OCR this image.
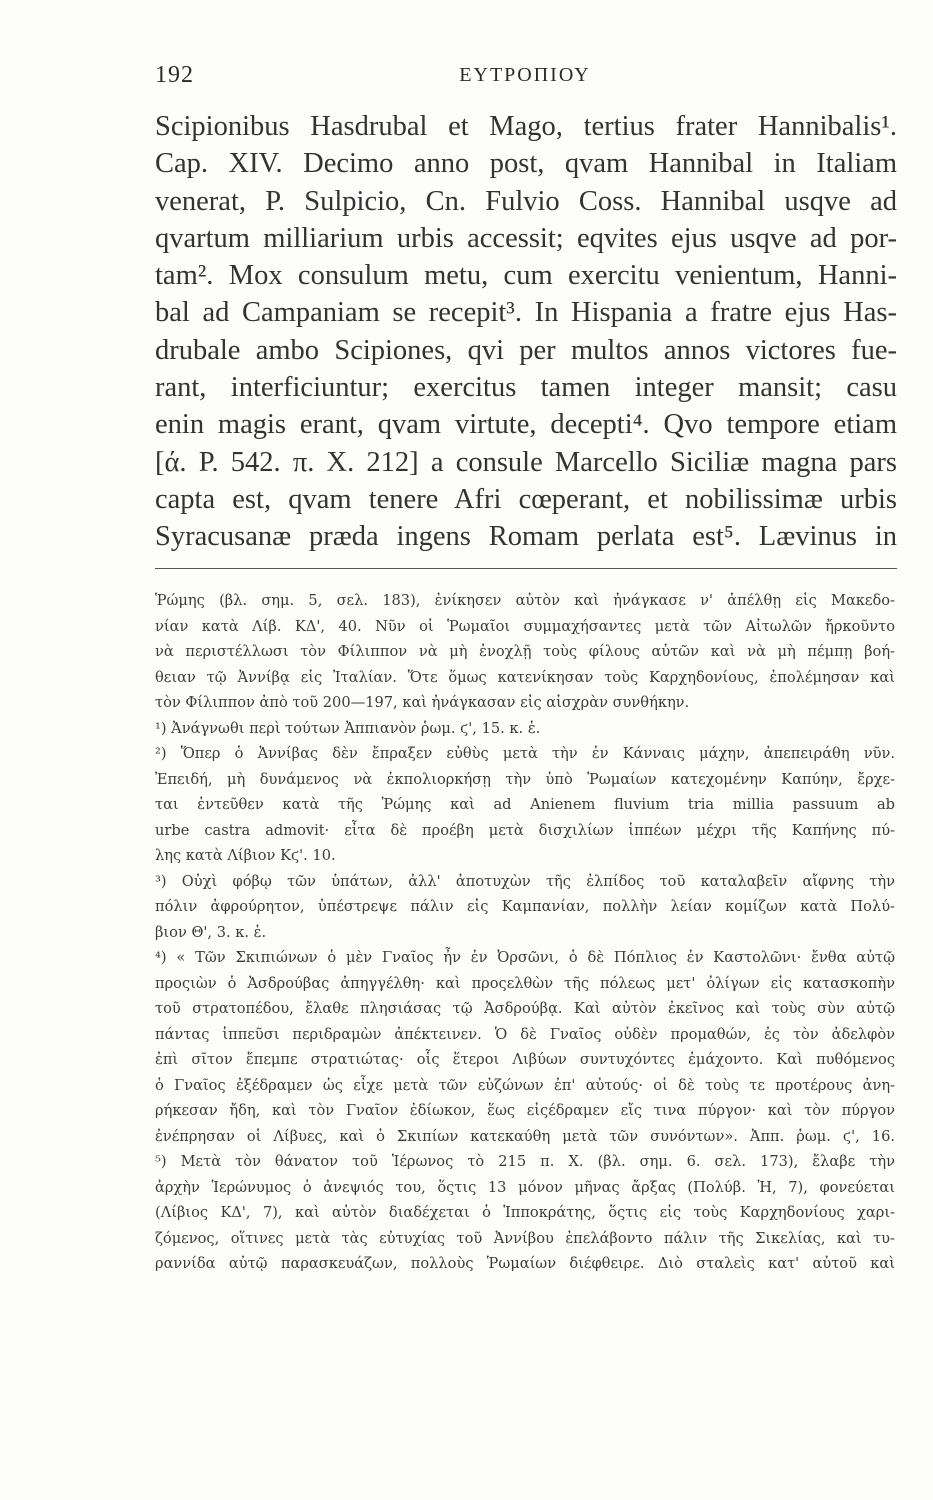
192	ΕΥΤΡΟΠΙΟΥ
Scipionibus Hasdrubal et Mago, tertius frater Hannibalis¹.
Cap. XIV. Decimo anno post, qvam Hannibal in Italiam
venerat, P. Sulpicio, Cn. Fulvio Coss. Hannibal usqve ad
qvartum milliarium urbis accessit; eqvites ejus usqve ad por-
tam². Mox consulum metu, cum exercitu venientum, Hanni-
bal ad Campaniam se recepit³. In Hispania a fratre ejus Has-
drubale ambo Scipiones, qvi per multos annos victores fue-
rant, interficiuntur; exercitus tamen integer mansit; casu
enin magis erant, qvam virtute, decepti⁴. Qvo tempore etiam
[ά. Ρ. 542. π. Χ. 212] a consule Marcello Siciliæ magna pars
capta est, qvam tenere Afri cœperant, et nobilissimæ urbis
Syracusanæ præda ingens Romam perlata est⁵. Lævinus in
Ῥώμης (βλ. σημ. 5, σελ. 183), ἐνίκησεν αὐτὸν καὶ ἠνάγκασε ν' ἀπέλθῃ εἰς Μακεδο-
νίαν κατὰ Λίβ. ΚΔ', 40. Νῦν οἱ Ῥωμαῖοι συμμαχήσαντες μετὰ τῶν Αἰτωλῶν ἤρκοῦντο
νὰ περιστέλλωσι τὸν Φίλιππον νὰ μὴ ἐνοχλῇ τοὺς φίλους αὐτῶν καὶ νὰ μὴ πέμπῃ βοή-
θειαν τῷ Ἀννίβᾳ εἰς Ἰταλίαν. Ὅτε ὅμως κατενίκησαν τοὺς Καρχηδονίους, ἐπολέμησαν καὶ
τὸν Φίλιππον ἀπὸ τοῦ 200—197, καὶ ἠνάγκασαν εἰς αἰσχρὰν συνθήκην.
¹) Ἀνάγνωθι περὶ τούτων Ἀππιανὸν ῥωμ. ϛ', 15. κ. ἑ.
²) Ὅπερ ὁ Ἀννίβας δὲν ἔπραξεν εὐθὺς μετὰ τὴν ἐν Κάνναις μάχην, ἀπεπειράθη νῦν.
Ἐπειδή, μὴ δυνάμενος νὰ ἐκπολιορκήσῃ τὴν ὑπὸ Ῥωμαίων κατεχομένην Καπύην, ἔρχε-
ται ἐντεῦθεν κατὰ τῆς Ῥώμης καὶ ad Anienem fluvium tria millia passuum ab
urbe castra admovit· εἶτα δὲ προέβη μετὰ δισχιλίων ἱππέων μέχρι τῆς Καπήνης πύ-
λης κατὰ Λίβιον Κϛ'. 10.
³) Οὐχὶ φόβῳ τῶν ὑπάτων, ἀλλ' ἀποτυχὼν τῆς ἐλπίδος τοῦ καταλαβεῖν αἴφνης τὴν
πόλιν ἀφρούρητον, ὑπέστρεψε πάλιν εἰς Καμπανίαν, πολλὴν λείαν κομίζων κατὰ Πολύ-
βιον Θ', 3. κ. ἑ.
⁴) « Τῶν Σκιπιώνων ὁ μὲν Γναῖος ἦν ἐν Ὀρσῶνι, ὁ δὲ Πόπλιος ἐν Καστολῶνι· ἔνθα αὐτῷ
προςιὼν ὁ Ἀσδρούβας ἀπηγγέλθη· καὶ προςελθὼν τῆς πόλεως μετ' ὀλίγων εἰς κατασκοπὴν
τοῦ στρατοπέδου, ἔλαθε πλησιάσας τῷ Ἀσδρούβᾳ. Καὶ αὐτὸν ἐκεῖνος καὶ τοὺς σὺν αὐτῷ
πάντας ἱππεῦσι περιδραμὼν ἀπέκτεινεν. Ὁ δὲ Γναῖος οὐδὲν προμαθών, ἐς τὸν ἀδελφὸν
ἐπὶ σῖτον ἔπεμπε στρατιώτας· οἷς ἕτεροι Λιβύων συντυχόντες ἐμάχοντο. Καὶ πυθόμενος
ὁ Γναῖος ἐξέδραμεν ὡς εἶχε μετὰ τῶν εὐζώνων ἐπ' αὐτούς· οἱ δὲ τοὺς τε προτέρους ἀνη-
ρήκεσαν ἤδη, καὶ τὸν Γναῖον ἐδίωκον, ἕως εἰςέδραμεν εἴς τινα πύργον· καὶ τὸν πύργον
ἐνέπρησαν οἱ Λίβυες, καὶ ὁ Σκιπίων κατεκαύθη μετὰ τῶν συνόντων». Ἀππ. ῥωμ. ϛ', 16.
⁵) Μετὰ τὸν θάνατον τοῦ Ἱέρωνος τὸ 215 π. Χ. (βλ. σημ. 6. σελ. 173), ἔλαβε τὴν
ἀρχὴν Ἱερώνυμος ὁ ἀνεψιός του, ὅςτις 13 μόνον μῆνας ἄρξας (Πολύβ. Ἡ, 7), φονεύεται
(Λίβιος ΚΔ', 7), καὶ αὐτὸν διαδέχεται ὁ Ἱπποκράτης, ὅςτις εἰς τοὺς Καρχηδονίους χαρι-
ζόμενος, οἵτινες μετὰ τὰς εὐτυχίας τοῦ Ἀννίβου ἐπελάβοντο πάλιν τῆς Σικελίας, καὶ τυ-
ραννίδα αὐτῷ παρασκευάζων, πολλοὺς Ῥωμαίων διέφθειρε. Διὸ σταλεὶς κατ' αὐτοῦ καὶ
